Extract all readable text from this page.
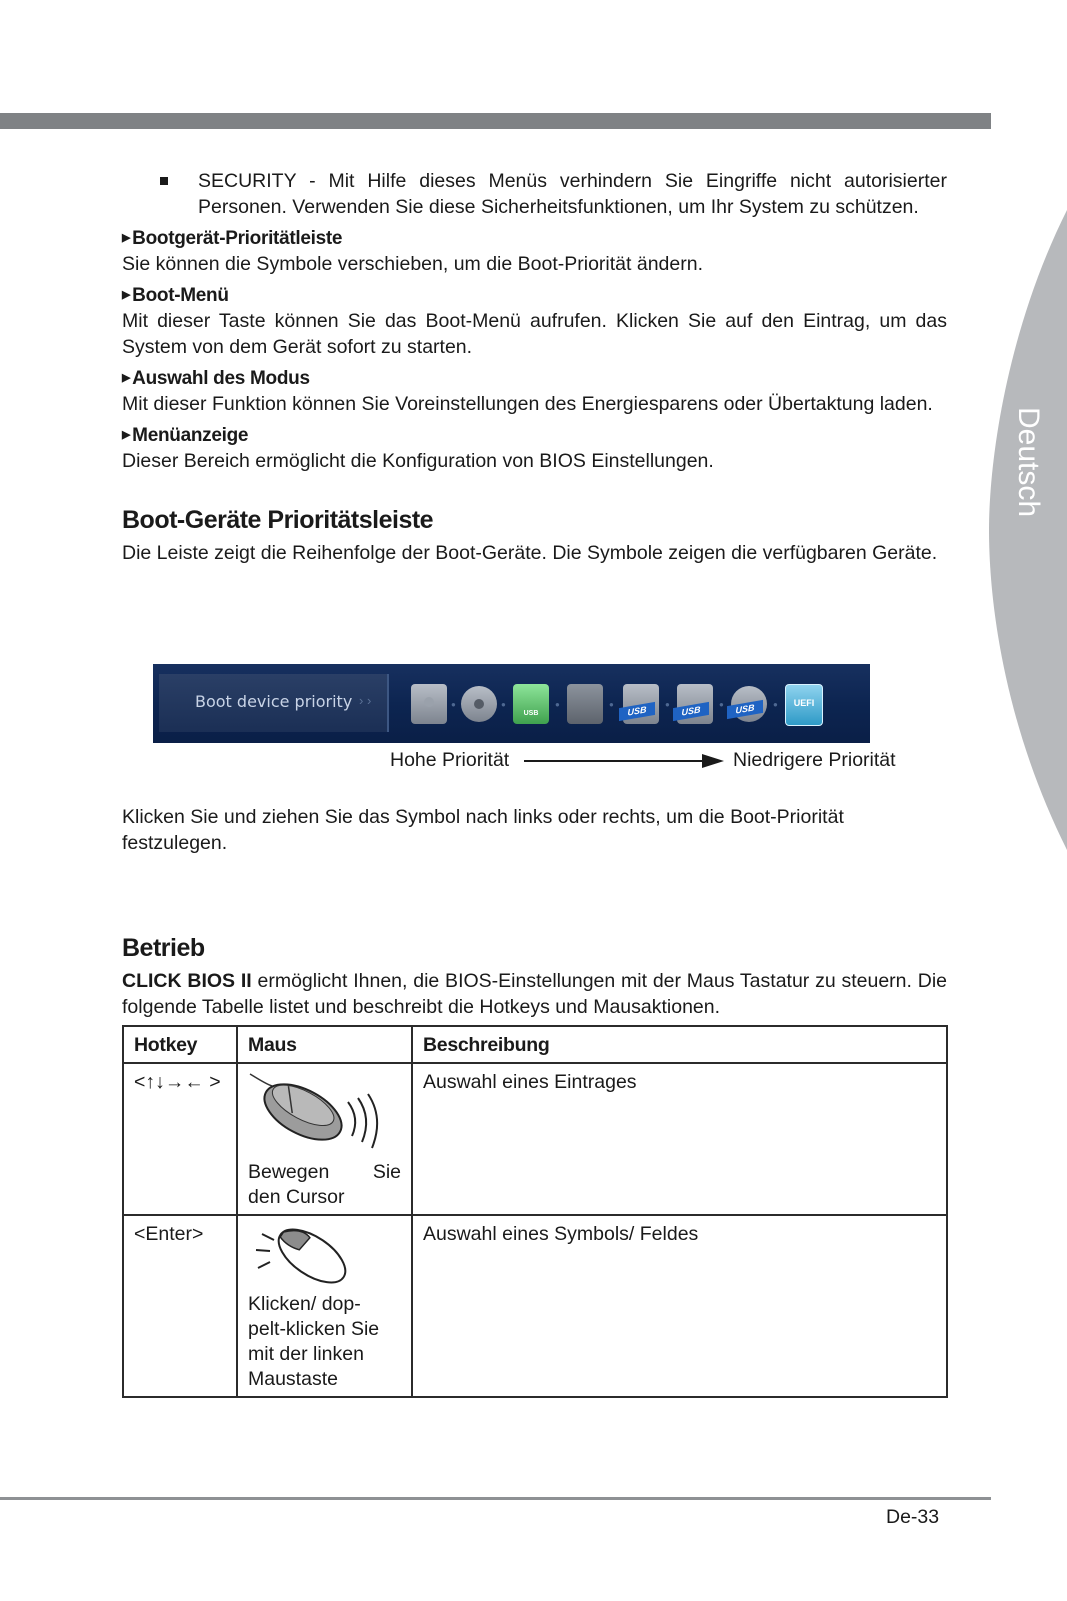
Deutsch

SECURITY - Mit Hilfe dieses Menüs verhindern Sie Eingriffe nicht autorisierter Personen. Verwenden Sie diese Sicherheitsfunktionen, um Ihr System zu schützen.

▶ Bootgerät-Prioritätleiste

Sie können die Symbole verschieben, um die Boot-Priorität ändern.

▶ Boot-Menü

Mit dieser Taste können Sie das Boot-Menü aufrufen. Klicken Sie auf den Eintrag, um das System von dem Gerät sofort zu starten.

▶ Auswahl des Modus

Mit dieser Funktion können Sie Voreinstellungen des Energiesparens oder Übertaktung laden.

▶ Menüanzeige

Dieser Bereich ermöglicht die Konfiguration von BIOS Einstellungen.

Boot-Geräte Prioritätsleiste

Die Leiste zeigt die Reihenfolge der Boot-Geräte. Die Symbole zeigen die verfügbaren Geräte.

Boot device priority › ›	●	●
USB
●	●	USB	●	USB	●	USB	●	UEFI
Hohe Priorität	Niedrigere Priorität

Klicken Sie und ziehen Sie das Symbol nach links oder rechts, um die Boot-Priorität festzulegen.

Betrieb

CLICK BIOS II ermöglicht Ihnen, die BIOS-Einstellungen mit der Maus Tastatur zu steuern. Die folgende Tabelle listet und beschreibt die Hotkeys und Mausaktionen.

Hotkey	Maus	Beschreibung
<↑↓→← >	Bewegen Sie
den Cursor	Auswahl eines Eintrages
<Enter>	Klicken/ dop-
pelt-klicken Sie
mit der linken
Maustaste	Auswahl eines Symbols/ Feldes
De-33
